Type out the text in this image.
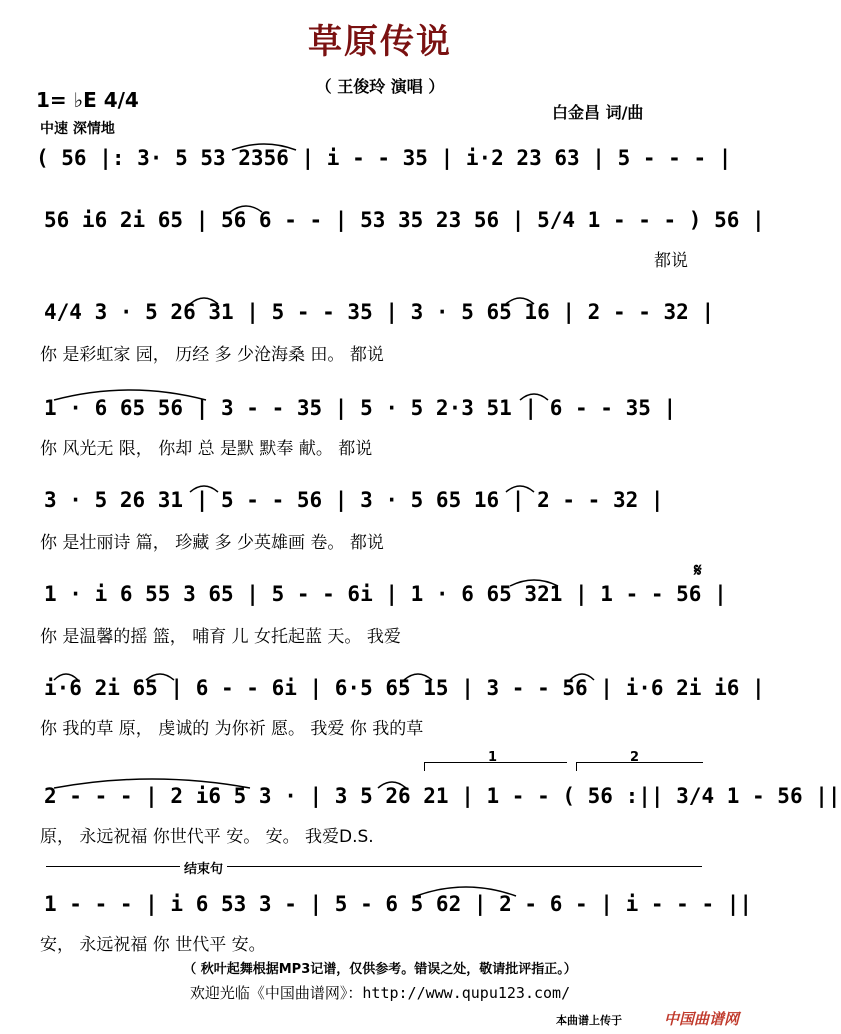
草原传说
（ 王俊玲 演唱 ）
1= ♭E 4/4
中速 深情地
白金昌 词/曲
( 56 |: 3· 5 53 2356 | i - - 35 | i·2 23 63 | 5 - - - |
56 i6 2i 65 | 56 6 - - | 53 35 23 56 | 5/4 1 - - - ) 56 |
都说
4/4 3 · 5 26 31 | 5 - - 35 | 3 · 5 65 16 | 2 - - 32 |
你 是彩虹家 园， 历经 多 少沧海桑 田。 都说
1 · 6 65 56 | 3 - - 35 | 5 · 5 2·3 51 | 6 - - 35 |
你 风光无 限， 你却 总 是默 默奉 献。 都说
3 · 5 26 31 | 5 - - 56 | 3 · 5 65 16 | 2 - - 32 |
你 是壮丽诗 篇， 珍藏 多 少英雄画 卷。 都说
𝄋
1 · i 6 55 3 65 | 5 - - 6i | 1 · 6 65 321 | 1 - - 56 |
你 是温馨的摇 篮， 哺育 儿 女托起蓝 天。 我爱
i·6 2i 65 | 6 - - 6i | 6·5 65 15 | 3 - - 56 | i·6 2i i6 |
你 我的草 原， 虔诚的 为你祈 愿。 我爱 你 我的草
1	2
2 - - - | 2 i6 5 3 · | 3 5 26 21 | 1 - - ( 56 :|| 3/4 1 - 56 ||
原， 永远祝福 你世代平 安。 安。 我爱D.S.
结束句
1 - - - | i 6 53 3 - | 5 - 6 5 62 | 2 - 6 - | i - - - ||
安， 永远祝福 你 世代平 安。
（ 秋叶起舞根据MP3记谱，仅供参考。错误之处，敬请批评指正。）
欢迎光临《中国曲谱网》：http://www.qupu123.com/
本曲谱上传于	中国曲谱网
